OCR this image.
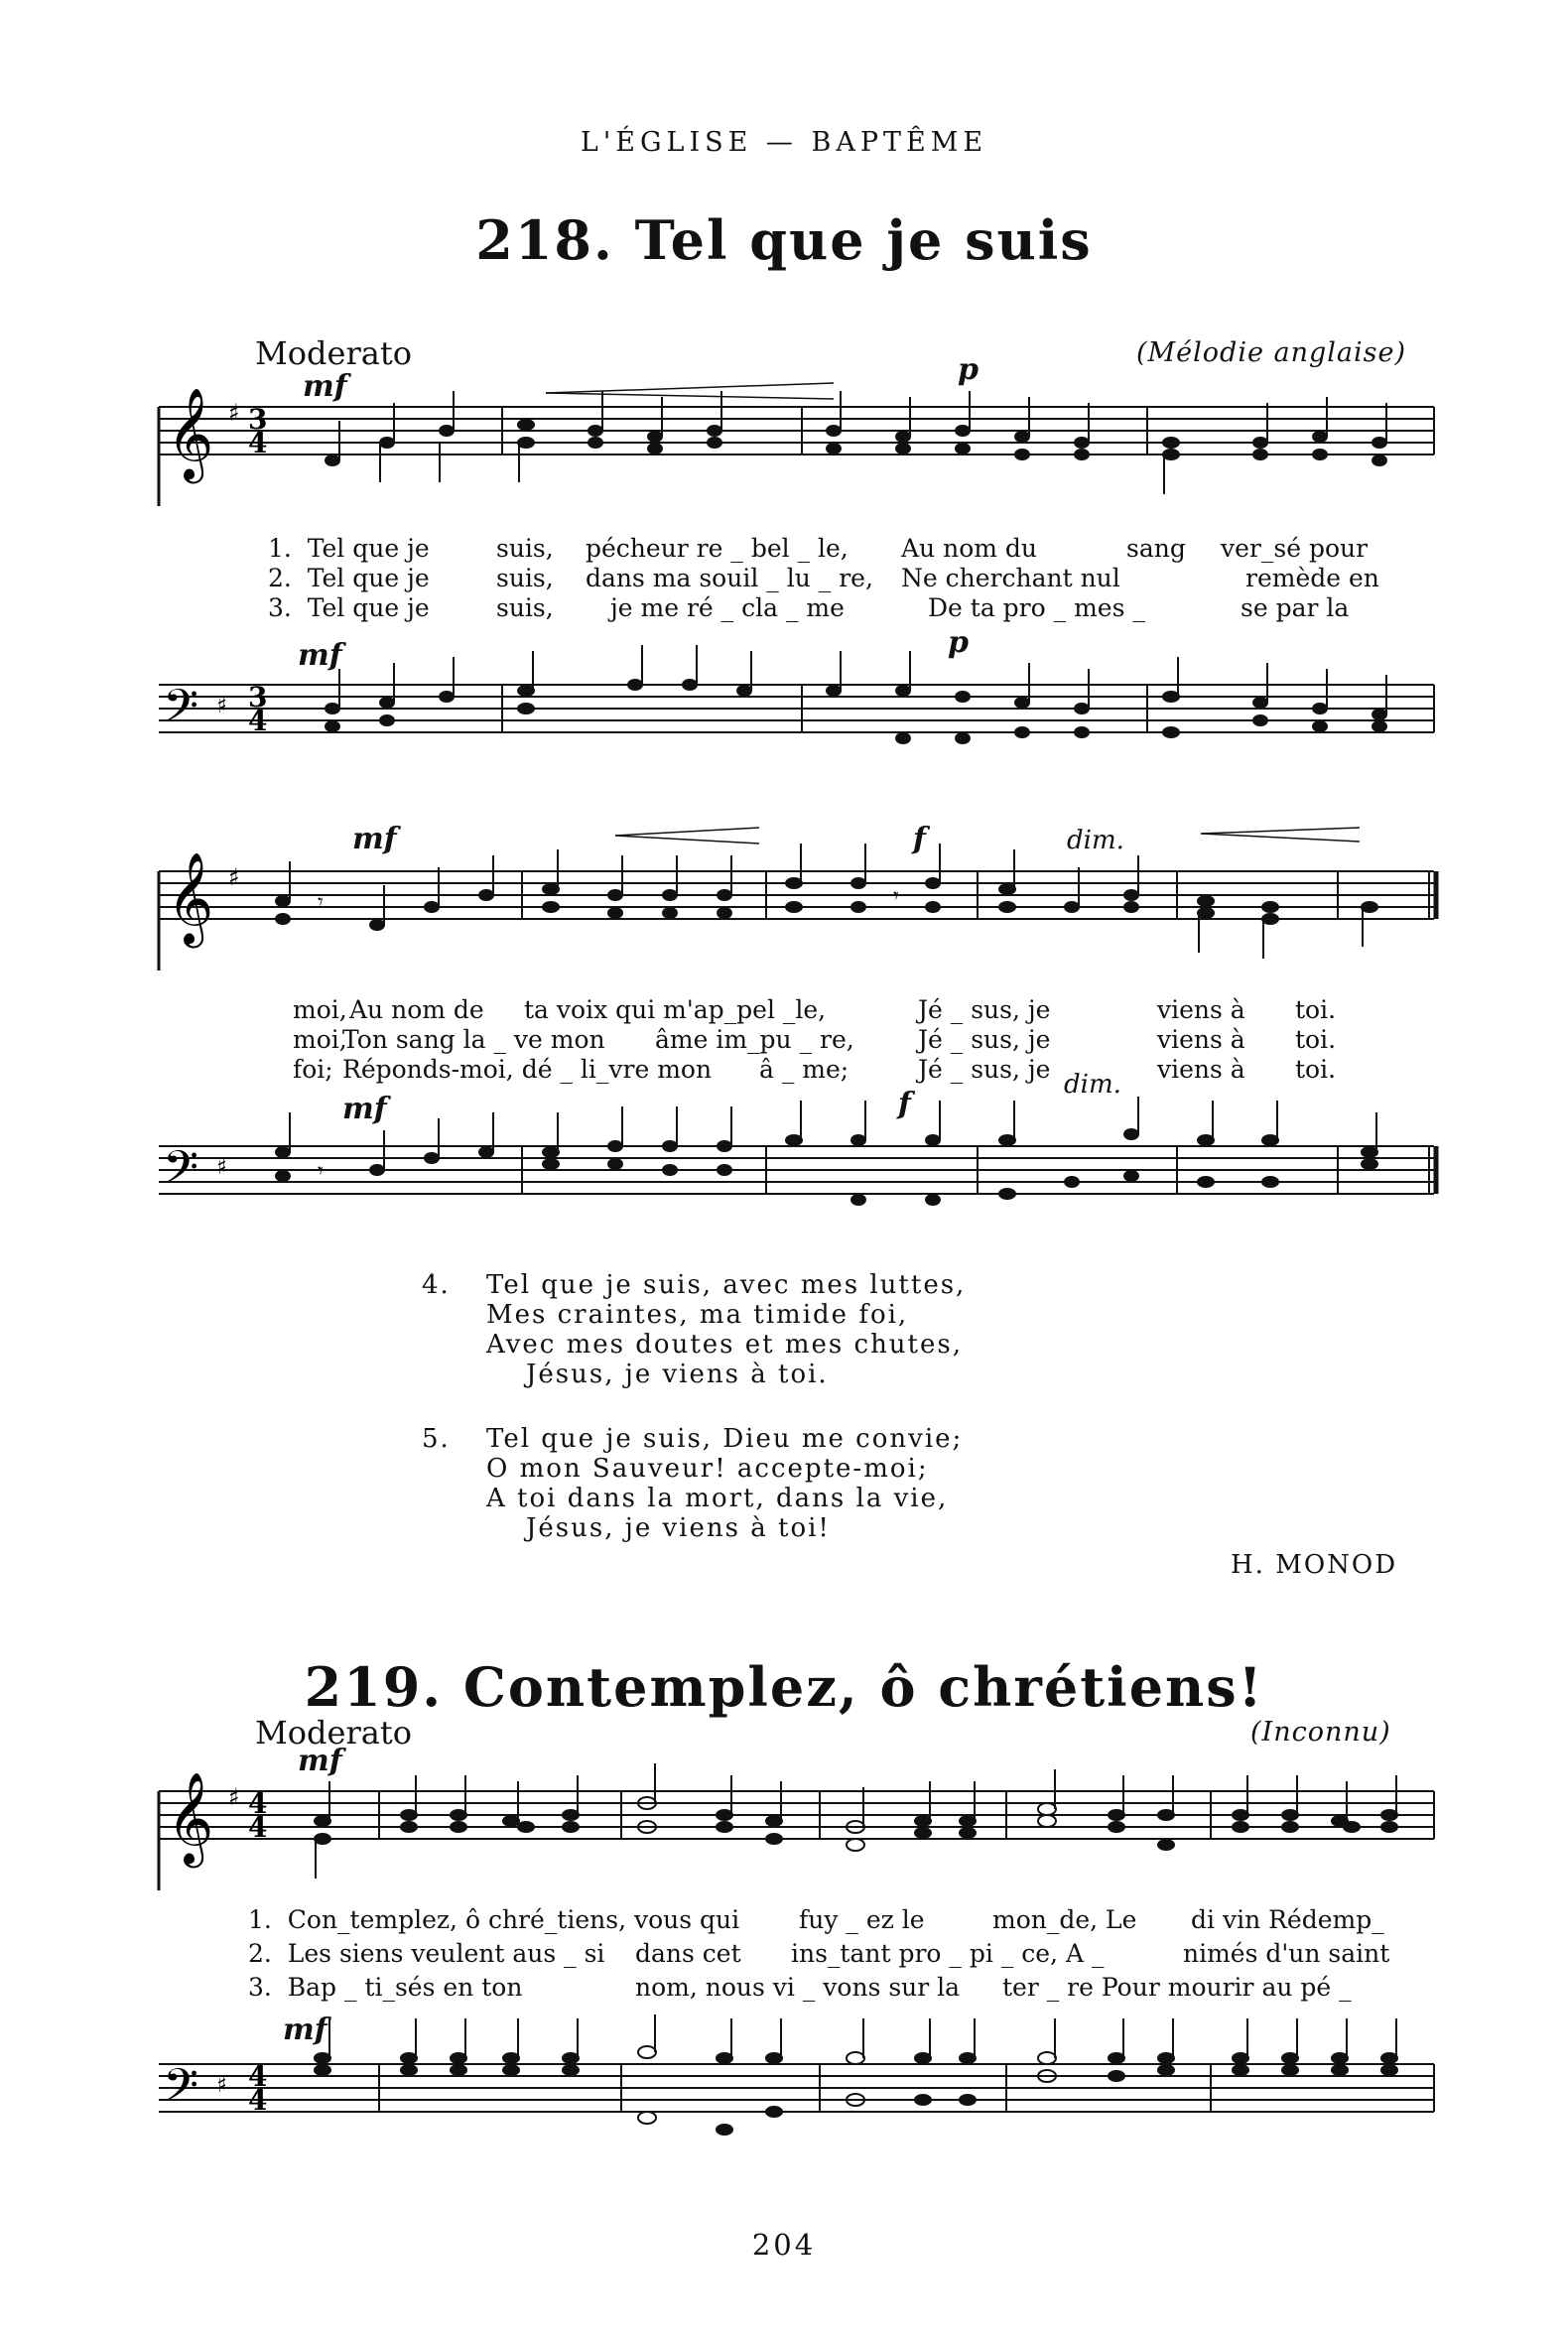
L'ÉGLISE — BAPTÊME
218. Tel que je suis
Moderato	(Mélodie anglaise)
mf	p
mf	p
𝄞 ♯ 3
4
1. Tel que je	suis, pécheur re _ bel _ le, Au nom du	sang ver_sé pour
2. Tel que je	suis, dans ma souil _ lu _ re, Ne cherchant nul	remède en
3. Tel que je	suis, je me ré _ cla _ me	De ta pro _ mes _	se par la
𝄢 ♯ 3
4
mf	f	dim.
mf	f
dim.
𝄞 ♯
𝄾	𝄾
moi, Au nom de ta voix qui m'ap_pel _le,	Jé _ sus, je	viens à toi.
moi,
Ton sang la _ ve mon âme im_pu _ re,	Jé _ sus, je	viens à toi.
foi; Réponds-moi, dé _ li_vre mon â _ me;	Jé _ sus, je	viens à toi.
𝄢 ♯	𝄾
4. Tel que je suis, avec mes luttes,
Mes craintes, ma timide foi,
Avec mes doutes et mes chutes,
Jésus, je viens à toi.
5. Tel que je suis, Dieu me convie;
O mon Sauveur! accepte-moi;
A toi dans la mort, dans la vie,
Jésus, je viens à toi!
H. MONOD
219. Contemplez, ô chrétiens!
Moderato	(Inconnu)
mf
mf
𝄞 ♯ 4
4
1. Con_templez, ô chré_tiens, vous qui fuy _ ez le	mon_de, Le di vin Rédemp_
2. Les siens veulent aus _ si dans cet ins_tant pro _ pi _ ce, A _	nimés d'un saint
3. Bap _ ti_sés en ton	nom, nous vi _ vons sur la ter _ re Pour mourir au pé _
𝄢 ♯ 4
4
204
